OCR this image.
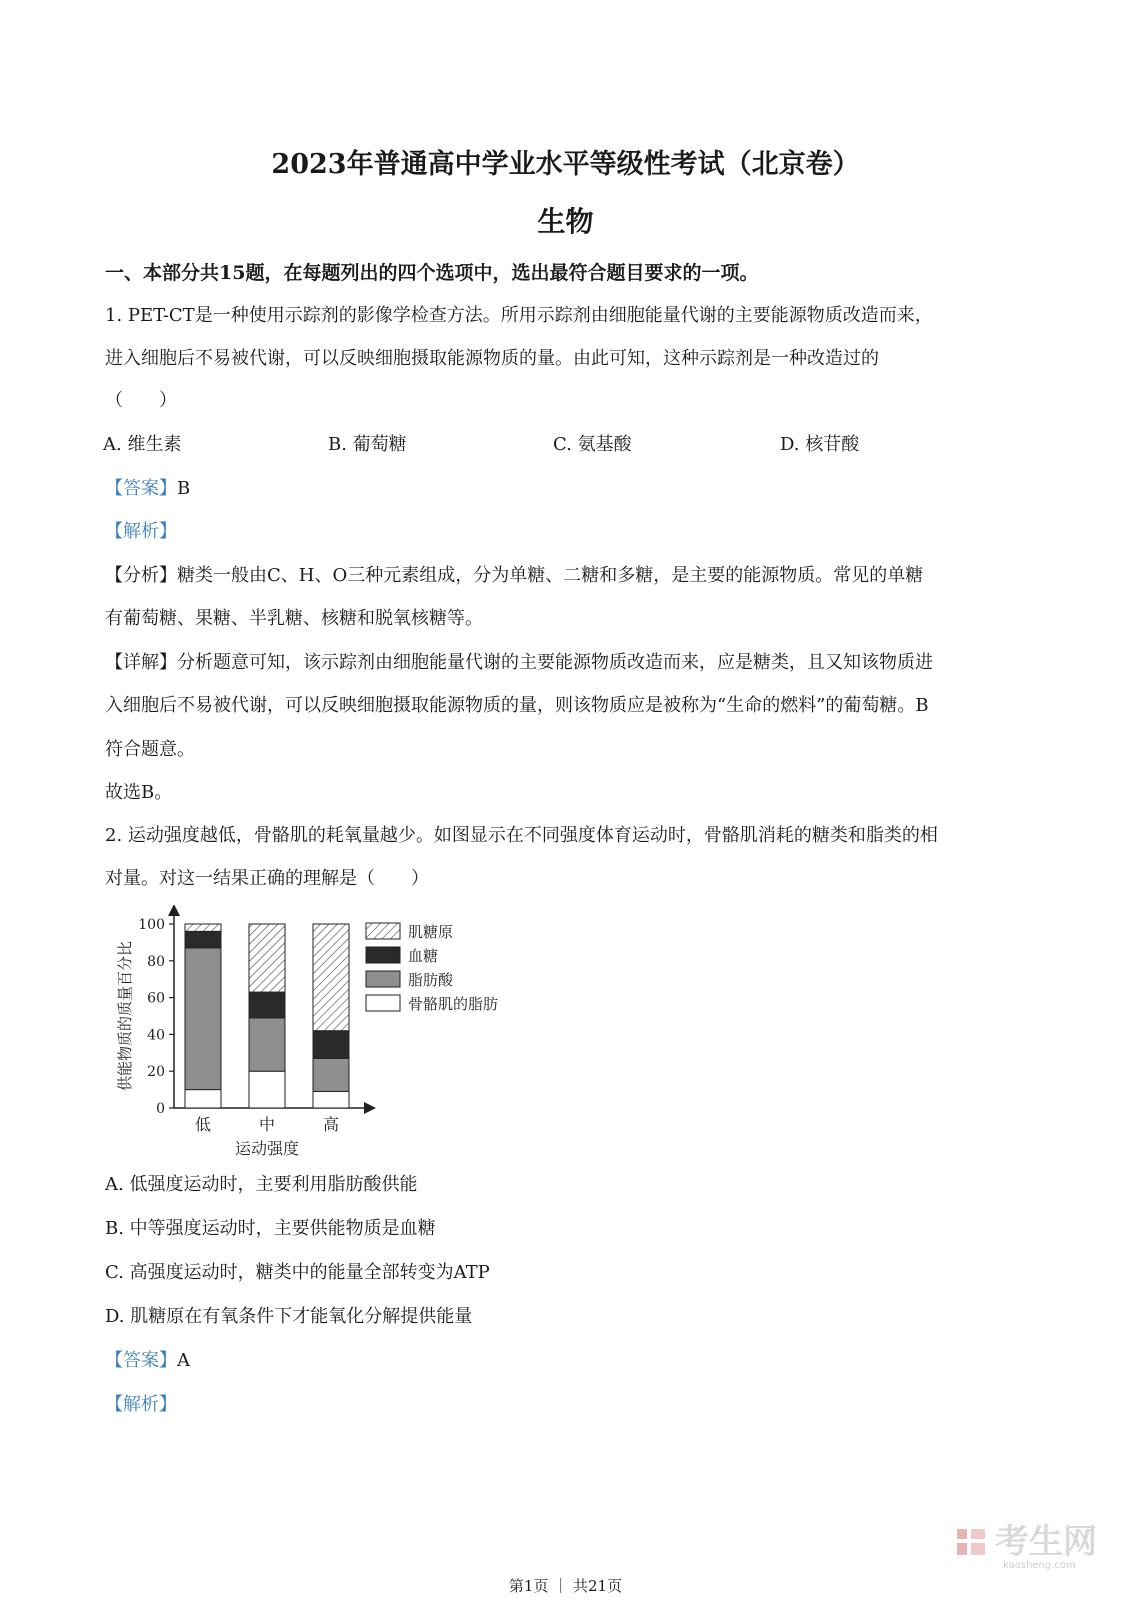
2023年普通高中学业水平等级性考试（北京卷）
生物
一、本部分共15题，在每题列出的四个选项中，选出最符合题目要求的一项。
1. PET-CT是一种使用示踪剂的影像学检查方法。所用示踪剂由细胞能量代谢的主要能源物质改造而来，
进入细胞后不易被代谢，可以反映细胞摄取能源物质的量。由此可知，这种示踪剂是一种改造过的
（　　）
A. 维生素	B. 葡萄糖	C. 氨基酸	D. 核苷酸
【答案】B
【解析】
【分析】糖类一般由C、H、O三种元素组成，分为单糖、二糖和多糖，是主要的能源物质。常见的单糖
有葡萄糖、果糖、半乳糖、核糖和脱氧核糖等。
【详解】分析题意可知，该示踪剂由细胞能量代谢的主要能源物质改造而来，应是糖类，且又知该物质进
入细胞后不易被代谢，可以反映细胞摄取能源物质的量，则该物质应是被称为“生命的燃料”的葡萄糖。B
符合题意。
故选B。
2. 运动强度越低，骨骼肌的耗氧量越少。如图显示在不同强度体育运动时，骨骼肌消耗的糖类和脂类的相
对量。对这一结果正确的理解是（　　）
0
20
40
60
80
100
供能物质的质量百分比
低	中	高
运动强度
肌糖原
血糖
脂肪酸
骨骼肌的脂肪
A. 低强度运动时，主要利用脂肪酸供能
B. 中等强度运动时，主要供能物质是血糖
C. 高强度运动时，糖类中的能量全部转变为ATP
D. 肌糖原在有氧条件下才能氧化分解提供能量
【答案】A
【解析】
考生网
kaosheng.com
第1页 ｜ 共21页
